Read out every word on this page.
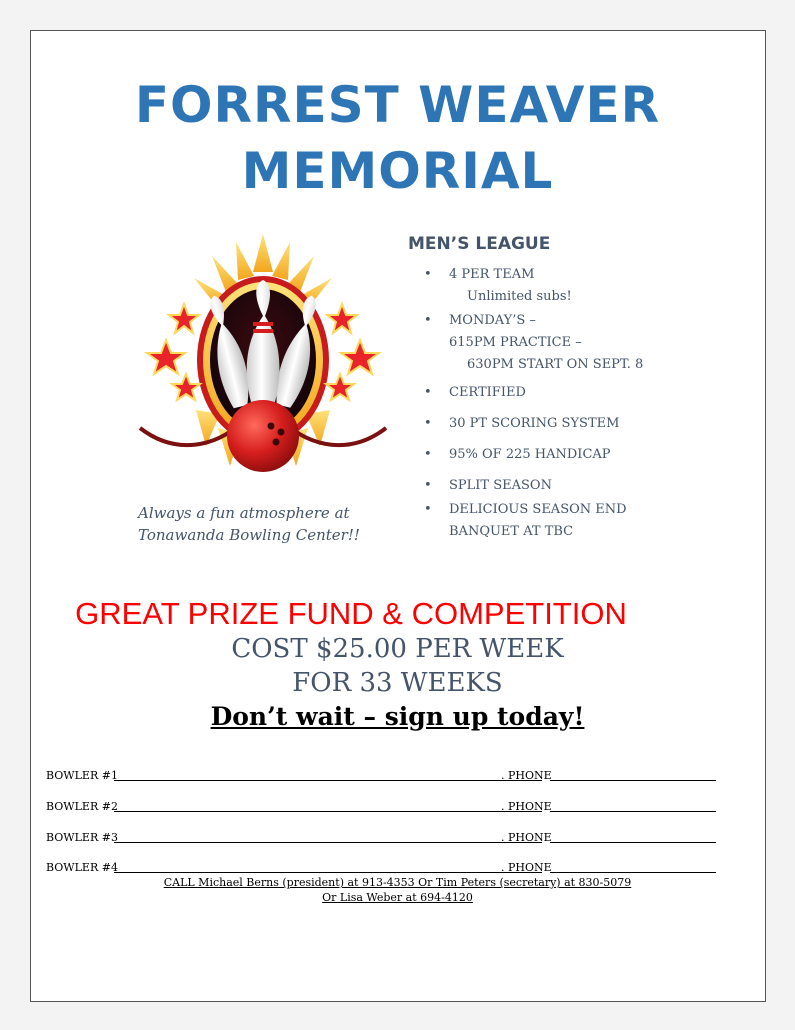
FORREST WEAVER
MEMORIAL
Always a fun atmosphere at
Tonawanda Bowling Center!!
MEN’S LEAGUE
• 4 PER TEAM
Unlimited subs!
• MONDAY’S –
615PM PRACTICE –
630PM START ON SEPT. 8
• CERTIFIED
• 30 PT SCORING SYSTEM
• 95% OF 225 HANDICAP
• SPLIT SEASON
• DELICIOUS SEASON END
BANQUET AT TBC
GREAT PRIZE FUND & COMPETITION
COST $25.00 PER WEEK
FOR 33 WEEKS
Don’t wait – sign up today!
BOWLER #1	. PHONE
BOWLER #2	. PHONE
BOWLER #3	. PHONE
BOWLER #4	. PHONE
CALL Michael Berns (president) at 913-4353 Or Tim Peters (secretary) at 830-5079
Or Lisa Weber at 694-4120
